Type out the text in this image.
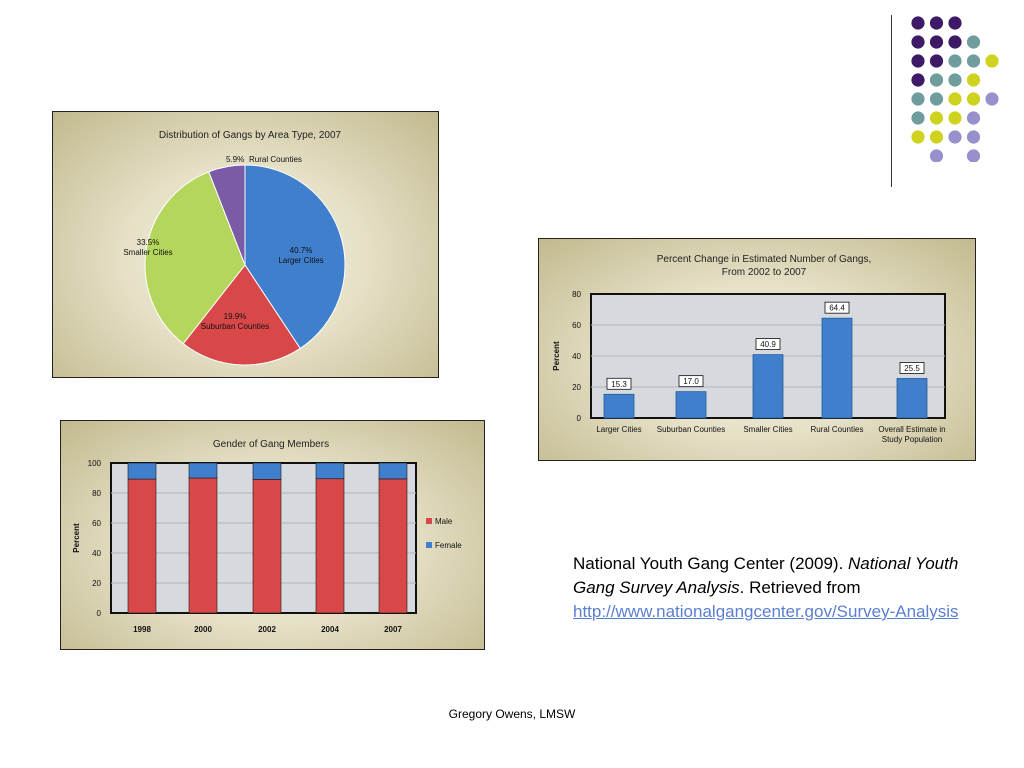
Distribution of Gangs by Area Type, 2007
40.7%
Larger Cities
19.9%
Suburban Counties
33.5%
Smaller Cities
5.9% Rural Counties
Percent Change in Estimated Number of Gangs,
From 2002 to 2007
0
20
40
60
80
Percent
15.3
Larger Cities
17.0
Suburban Counties
40.9
Smaller Cities
64.4
Rural Counties
25.5
Overall Estimate in
Study Population
Gender of Gang Members
0
20
40
60
80
100
Percent
1998	2000	2002	2004	2007
Male
Female
National Youth Gang Center (2009). National Youth Gang Survey Analysis. Retrieved from http://www.nationalgangcenter.gov/Survey-Analysis
Gregory Owens, LMSW
